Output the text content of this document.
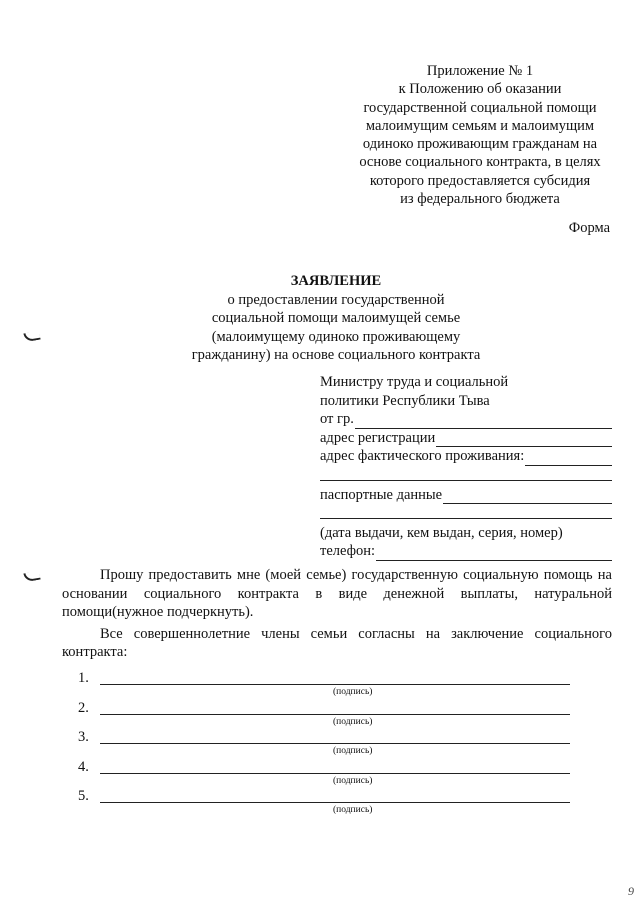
Приложение № 1
к Положению об оказании
государственной социальной помощи
малоимущим семьям и малоимущим
одиноко проживающим гражданам на
основе социального контракта, в целях
которого предоставляется субсидия
из федерального бюджета
Форма
ЗАЯВЛЕНИЕ
о предоставлении государственной
социальной помощи малоимущей семье
(малоимущему одиноко проживающему
гражданину) на основе социального контракта
Министру труда и социальной
политики Республики Тыва
от гр.
адрес регистрации
адрес фактического проживания:
паспортные данные
(дата выдачи, кем выдан, серия, номер)
телефон:

Прошу предоставить мне (моей семье) государственную социальную помощь на основании социального контракта в виде денежной выплаты, натуральной помощи(нужное подчеркнуть).

Все совершеннолетние члены семьи согласны на заключение социального контракта:

1.
(подпись)
2.
(подпись)
3.
(подпись)
4.
(подпись)
5.
(подпись)
9
